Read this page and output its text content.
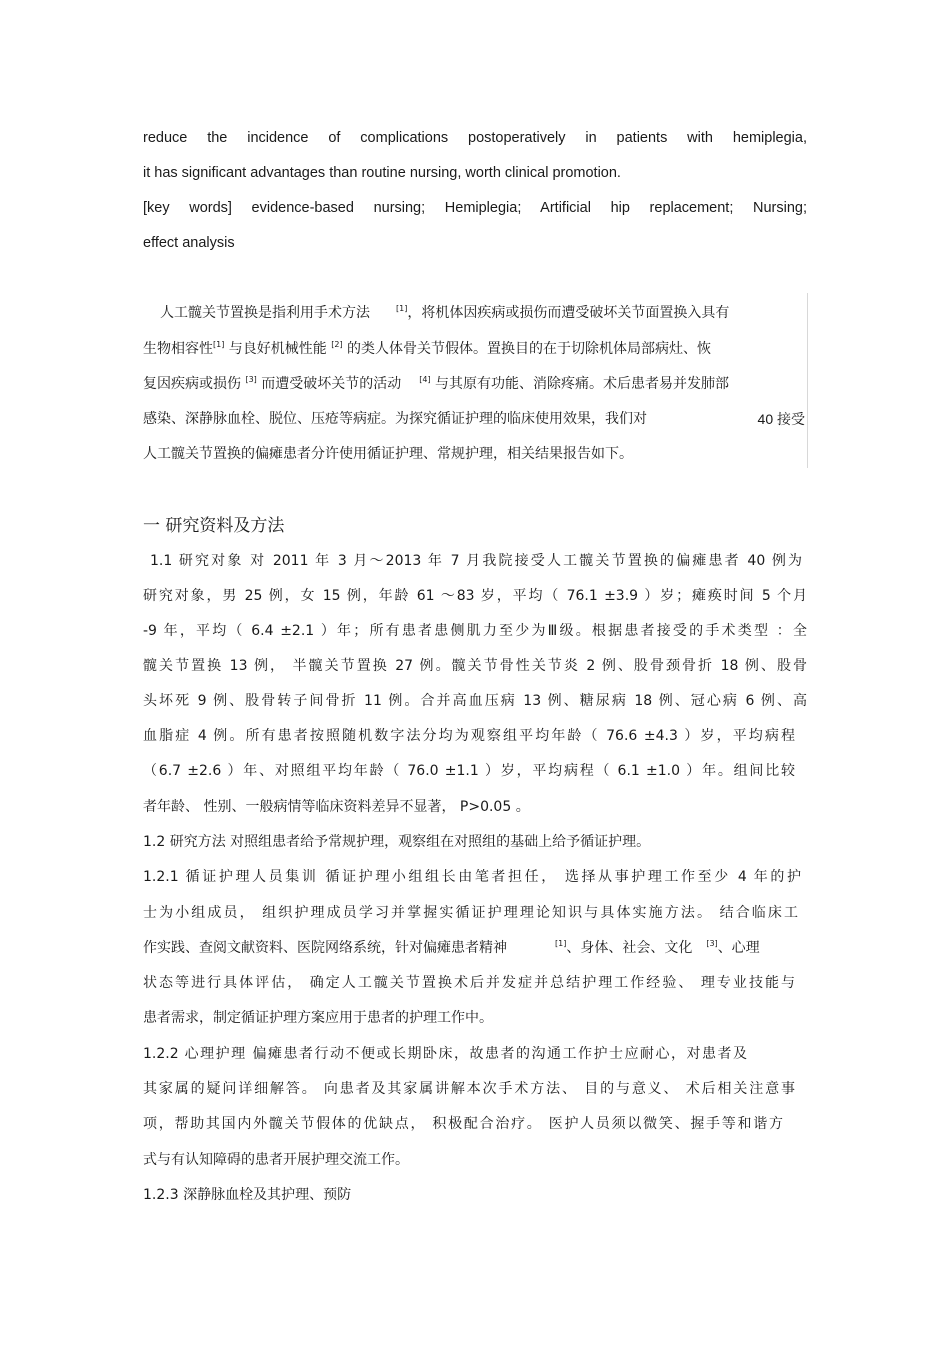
reduce the incidence of complications postoperatively in patients with hemiplegia,
it has significant advantages than routine nursing, worth clinical promotion.
[key words] evidence-based nursing; Hemiplegia; Artificial hip replacement; Nursing;
effect analysis
人工髋关节置换是指利用手术方法	[1]，将机体因疾病或损伤而遭受破坏关节面置换入具有
生物相容性[1] 与良好机械性能 [2] 的类人体骨关节假体。置换目的在于切除机体局部病灶、恢
复因疾病或损伤 [3] 而遭受破坏关节的活动 [4] 与其原有功能、消除疼痛。术后患者易并发肺部
感染、深静脉血栓、脱位、压疮等病症。为探究循证护理的临床使用效果，我们对	40 接受
人工髋关节置换的偏瘫患者分许使用循证护理、常规护理，相关结果报告如下。
一 研究资料及方法
1.1 研究对象 对 2011 年 3 月～2013 年 7 月我院接受人工髋关节置换的偏瘫患者 40 例为
研究对象，男 25 例，女 15 例，年龄 61 ～83 岁，平均（ 76.1 ±3.9 ）岁；瘫痪时间 5 个月
-9 年，平均（ 6.4 ±2.1 ）年；所有患者患侧肌力至少为Ⅲ级。根据患者接受的手术类型 ：全
髋关节置换 13 例， 半髋关节置换 27 例。髋关节骨性关节炎 2 例、股骨颈骨折 18 例、股骨
头坏死 9 例、股骨转子间骨折 11 例。合并高血压病 13 例、糖尿病 18 例、冠心病 6 例、高
血脂症 4 例。所有患者按照随机数字法分均为观察组平均年龄（ 76.6 ±4.3 ）岁，平均病程
（6.7 ±2.6 ）年、对照组平均年龄（ 76.0 ±1.1 ）岁，平均病程（ 6.1 ±1.0 ）年。组间比较
者年龄、 性别、一般病情等临床资料差异不显著， P>0.05 。
1.2 研究方法 对照组患者给予常规护理，观察组在对照组的基础上给予循证护理。
1.2.1 循证护理人员集训 循证护理小组组长由笔者担任， 选择从事护理工作至少 4 年的护
士为小组成员， 组织护理成员学习并掌握实循证护理理论知识与具体实施方法。 结合临床工
作实践、查阅文献资料、医院网络系统，针对偏瘫患者精神	[1]、身体、社会、文化 [3]、心理
状态等进行具体评估， 确定人工髋关节置换术后并发症并总结护理工作经验、 理专业技能与
患者需求，制定循证护理方案应用于患者的护理工作中。
1.2.2 心理护理 偏瘫患者行动不便或长期卧床，故患者的沟通工作护士应耐心，对患者及
其家属的疑问详细解答。 向患者及其家属讲解本次手术方法、 目的与意义、 术后相关注意事
项，帮助其国内外髋关节假体的优缺点， 积极配合治疗。 医护人员须以微笑、握手等和谐方
式与有认知障碍的患者开展护理交流工作。
1.2.3 深静脉血栓及其护理、预防
